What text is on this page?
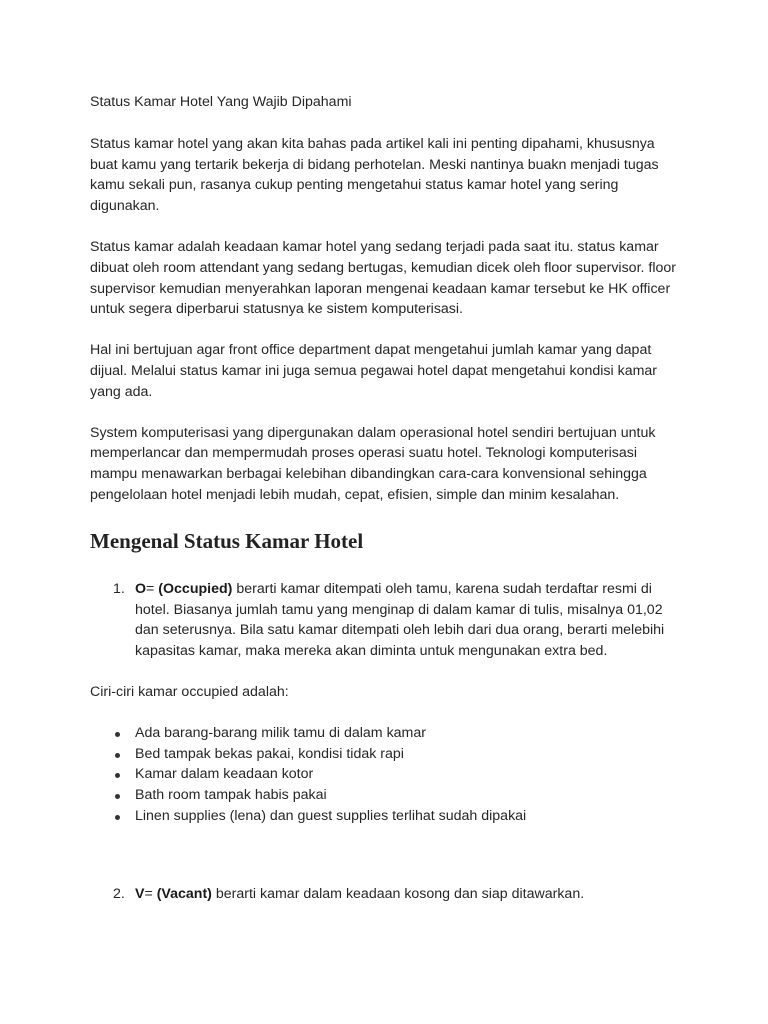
Status Kamar Hotel Yang Wajib Dipahami

Status kamar hotel yang akan kita bahas pada artikel kali ini penting dipahami, khususnya buat kamu yang tertarik bekerja di bidang perhotelan. Meski nantinya buakn menjadi tugas kamu sekali pun, rasanya cukup penting mengetahui status kamar hotel yang sering digunakan.

Status kamar adalah keadaan kamar hotel yang sedang terjadi pada saat itu. status kamar dibuat oleh room attendant yang sedang bertugas, kemudian dicek oleh floor supervisor. floor supervisor kemudian menyerahkan laporan mengenai keadaan kamar tersebut ke HK officer untuk segera diperbarui statusnya ke sistem komputerisasi.

Hal ini bertujuan agar front office department dapat mengetahui jumlah kamar yang dapat dijual. Melalui status kamar ini juga semua pegawai hotel dapat mengetahui kondisi kamar yang ada.

System komputerisasi yang dipergunakan dalam operasional hotel sendiri bertujuan untuk memperlancar dan mempermudah proses operasi suatu hotel. Teknologi komputerisasi mampu menawarkan berbagai kelebihan dibandingkan cara-cara konvensional sehingga pengelolaan hotel menjadi lebih mudah, cepat, efisien, simple dan minim kesalahan.

Mengenal Status Kamar Hotel
1. O= (Occupied) berarti kamar ditempati oleh tamu, karena sudah terdaftar resmi di hotel. Biasanya jumlah tamu yang menginap di dalam kamar di tulis, misalnya 01,02 dan seterusnya. Bila satu kamar ditempati oleh lebih dari dua orang, berarti melebihi kapasitas kamar, maka mereka akan diminta untuk mengunakan extra bed.

Ciri-ciri kamar occupied adalah:

Ada barang-barang milik tamu di dalam kamar
Bed tampak bekas pakai, kondisi tidak rapi
Kamar dalam keadaan kotor
Bath room tampak habis pakai
Linen supplies (lena) dan guest supplies terlihat sudah dipakai
2. V= (Vacant) berarti kamar dalam keadaan kosong dan siap ditawarkan.
